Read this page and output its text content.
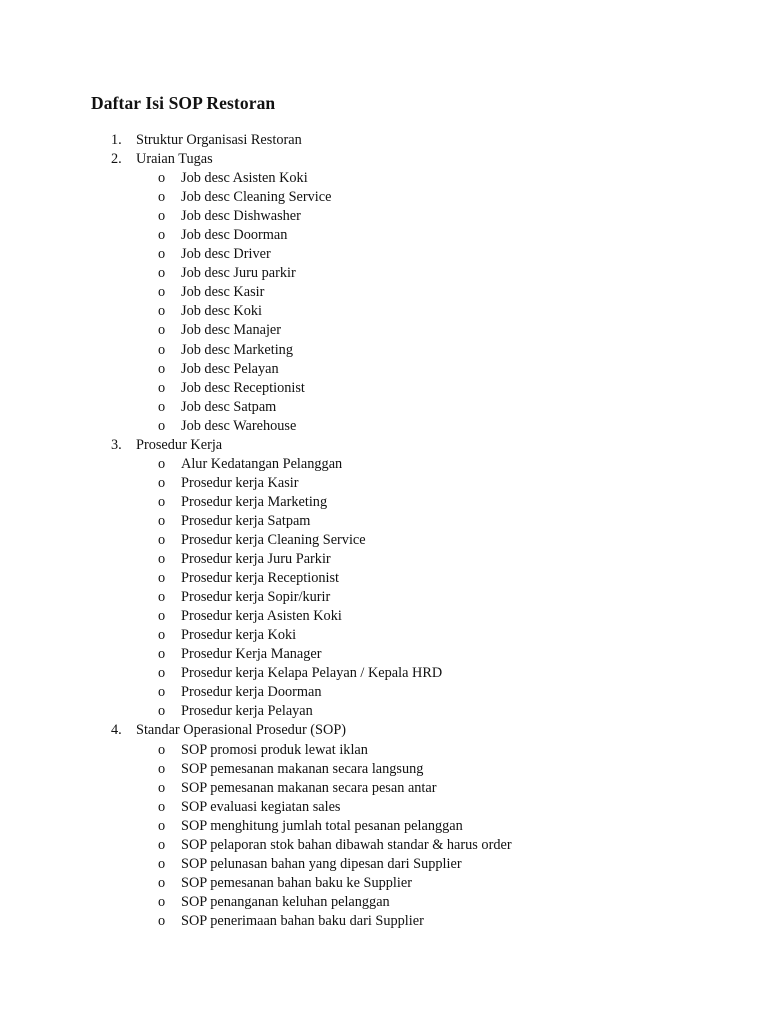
Daftar Isi SOP Restoran
1. Struktur Organisasi Restoran
2. Uraian Tugas
o	Job desc Asisten Koki
o	Job desc Cleaning Service
o	Job desc Dishwasher
o	Job desc Doorman
o	Job desc Driver
o	Job desc Juru parkir
o	Job desc Kasir
o	Job desc Koki
o	Job desc Manajer
o	Job desc Marketing
o	Job desc Pelayan
o	Job desc Receptionist
o	Job desc Satpam
o	Job desc Warehouse
3. Prosedur Kerja
o	Alur Kedatangan Pelanggan
o	Prosedur kerja Kasir
o	Prosedur kerja Marketing
o	Prosedur kerja Satpam
o	Prosedur kerja Cleaning Service
o	Prosedur kerja Juru Parkir
o	Prosedur kerja Receptionist
o	Prosedur kerja Sopir/kurir
o	Prosedur kerja Asisten Koki
o	Prosedur kerja Koki
o	Prosedur Kerja Manager
o	Prosedur kerja Kelapa Pelayan / Kepala HRD
o	Prosedur kerja Doorman
o	Prosedur kerja Pelayan
4. Standar Operasional Prosedur (SOP)
o	SOP promosi produk lewat iklan
o	SOP pemesanan makanan secara langsung
o	SOP pemesanan makanan secara pesan antar
o	SOP evaluasi kegiatan sales
o	SOP menghitung jumlah total pesanan pelanggan
o	SOP pelaporan stok bahan dibawah standar & harus order
o	SOP pelunasan bahan yang dipesan dari Supplier
o	SOP pemesanan bahan baku ke Supplier
o	SOP penanganan keluhan pelanggan
o	SOP penerimaan bahan baku dari Supplier
